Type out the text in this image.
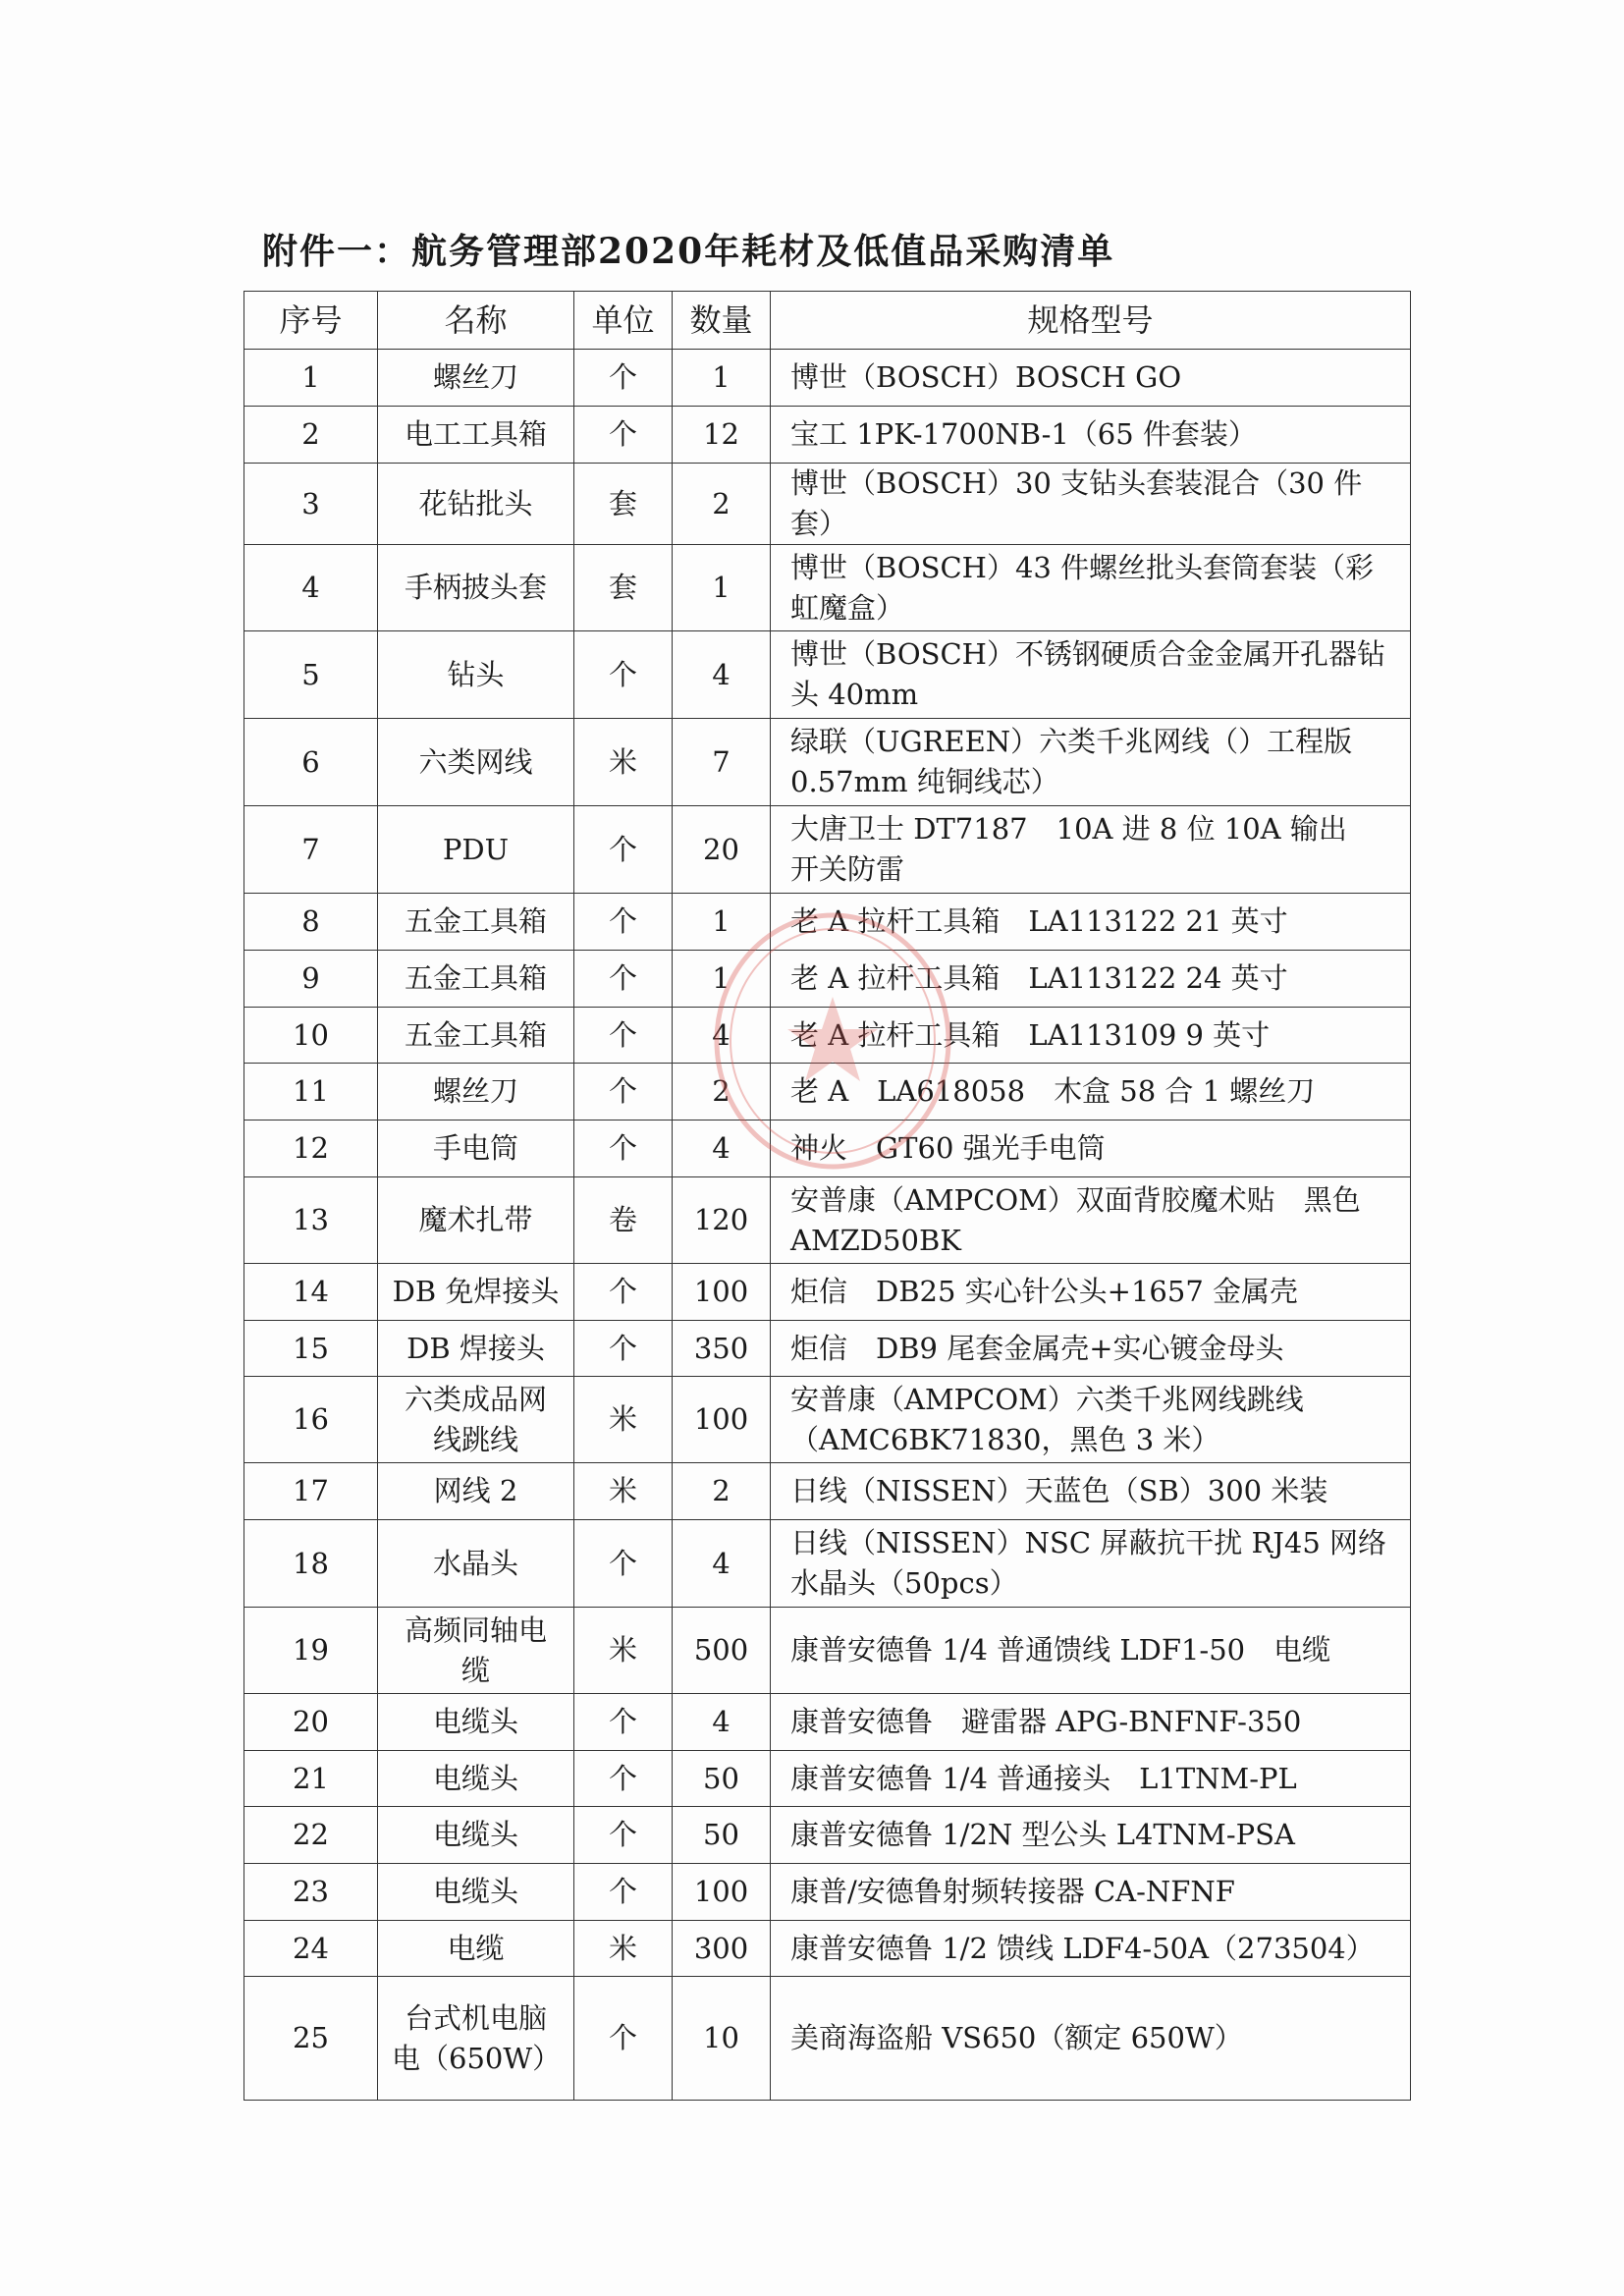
附件一：航务管理部2020年耗材及低值品采购清单
序号	名称	单位	数量	规格型号
1	螺丝刀	个	1	博世（BOSCH）BOSCH GO
2	电工工具箱	个	12	宝工 1PK-1700NB-1（65 件套装）
3	花钻批头	套	2	博世（BOSCH）30 支钻头套装混合（30 件套）
4	手柄披头套	套	1	博世（BOSCH）43 件螺丝批头套筒套装（彩虹魔盒）
5	钻头	个	4	博世（BOSCH）不锈钢硬质合金金属开孔器钻头 40mm
6	六类网线	米	7	绿联（UGREEN）六类千兆网线（）工程版 0.57mm 纯铜线芯）
7	PDU	个	20	大唐卫士 DT7187　10A 进 8 位 10A 输出　开关防雷
8	五金工具箱	个	1	老 A 拉杆工具箱　LA113122 21 英寸
9	五金工具箱	个	1	老 A 拉杆工具箱　LA113122 24 英寸
10	五金工具箱	个	4	老 A 拉杆工具箱　LA113109 9 英寸
11	螺丝刀	个	2	老 A　LA618058　木盒 58 合 1 螺丝刀
12	手电筒	个	4	神火　GT60 强光手电筒
13	魔术扎带	卷	120	安普康（AMPCOM）双面背胶魔术贴　黑色　AMZD50BK
14	DB 免焊接头	个	100	炬信　DB25 实心针公头+1657 金属壳
15	DB 焊接头	个	350	炬信　DB9 尾套金属壳+实心镀金母头
16	六类成品网线跳线	米	100	安普康（AMPCOM）六类千兆网线跳线（AMC6BK71830，黑色 3 米）
17	网线 2	米	2	日线（NISSEN）天蓝色（SB）300 米装
18	水晶头	个	4	日线（NISSEN）NSC 屏蔽抗干扰 RJ45 网络水晶头（50pcs）
19	高频同轴电缆	米	500	康普安德鲁 1/4 普通馈线 LDF1-50　电缆
20	电缆头	个	4	康普安德鲁　避雷器 APG-BNFNF-350
21	电缆头	个	50	康普安德鲁 1/4 普通接头　L1TNM-PL
22	电缆头	个	50	康普安德鲁 1/2N 型公头 L4TNM-PSA
23	电缆头	个	100	康普/安德鲁射频转接器 CA-NFNF
24	电缆	米	300	康普安德鲁 1/2 馈线 LDF4-50A（273504）
25	台式机电脑电（650W）	个	10	美商海盗船 VS650（额定 650W）
